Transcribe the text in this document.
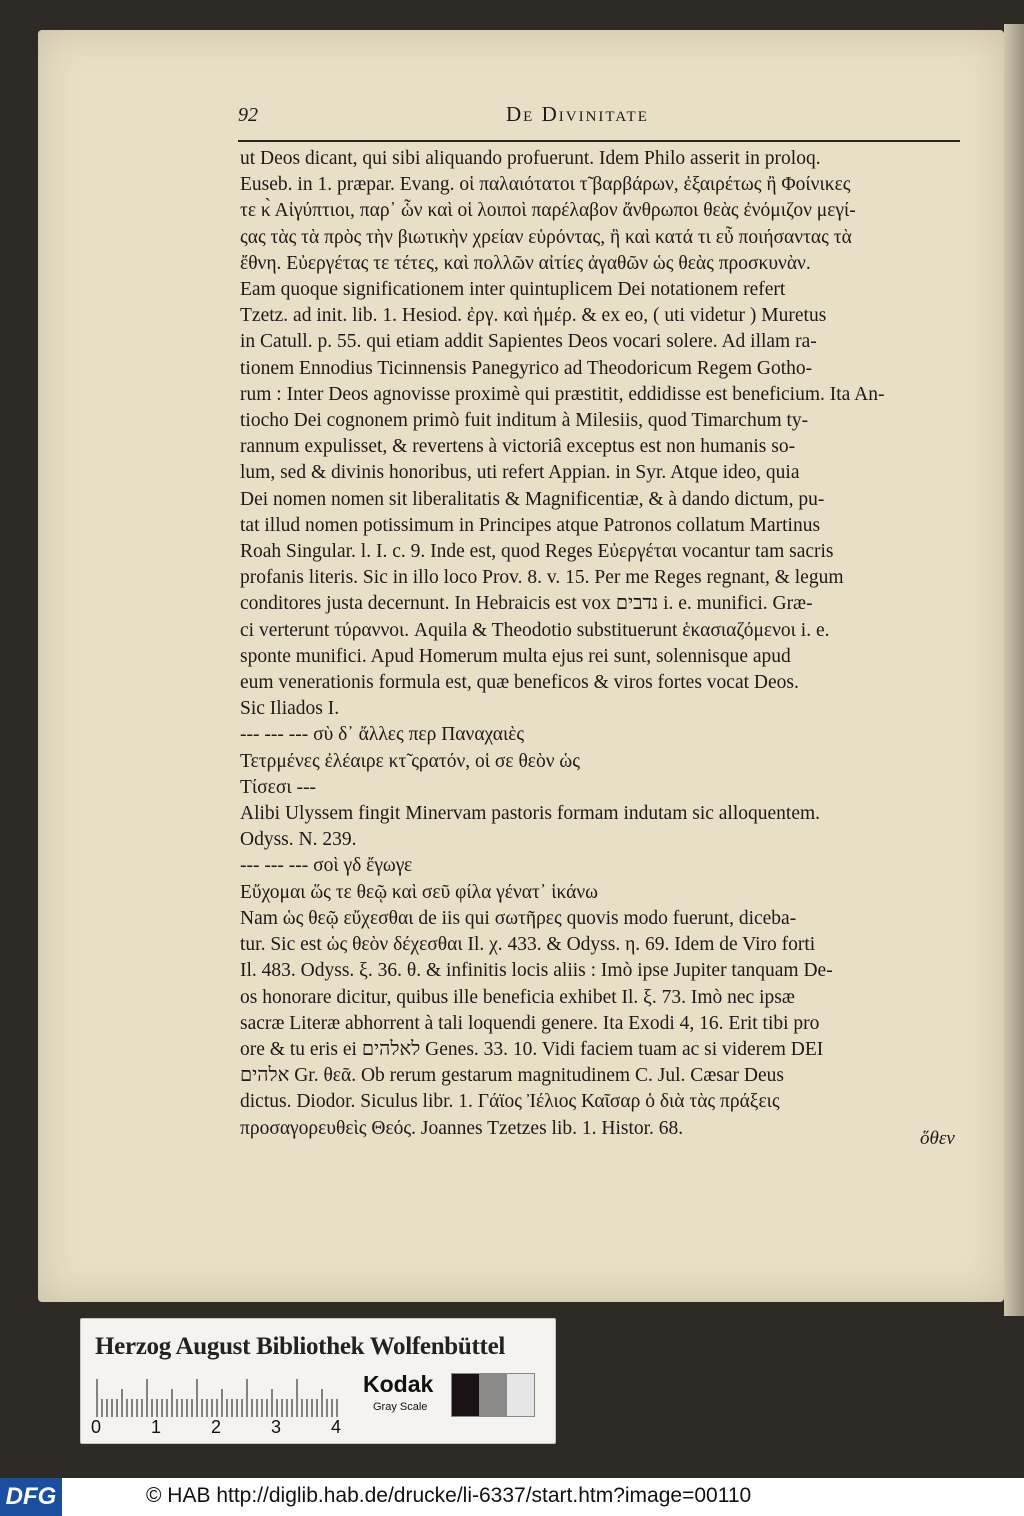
92	De Divinitate

ut Deos dicant, qui sibi aliquando profuerunt. Idem Philo asserit in proloq.

Euseb. in 1. præpar. Evang. οἱ παλαιότατοι τ̃ βαρβάρων, ἐξαιρέτως ἢ Φοίνικες

τε κ̀ Αἰγύπτιοι, παρ᾽ ὧν καὶ οἱ λοιποὶ παρέλαβον ἄνθρωποι θεὰς ἐνόμιζον μεγί-

ςας τὰς τὰ πρὸς τὴν βιωτικὴν χρείαν εὑρόντας, ἢ καὶ κατά τι εὖ ποιήσαντας τὰ

ἔθνη. Εὐεργέτας τε τέτες, καὶ πολλῶν αἰτίες ἀγαθῶν ὡς θεὰς προσκυνὰν.

Eam quoque significationem inter quintuplicem Dei notationem refert

Tzetz. ad init. lib. 1. Hesiod. ἐργ. καὶ ἡμέρ. & ex eo, ( uti videtur ) Muretus

in Catull. p. 55. qui etiam addit Sapientes Deos vocari solere. Ad illam ra-

tionem Ennodius Ticinnensis Panegyrico ad Theodoricum Regem Gotho-

rum : Inter Deos agnovisse proximè qui præstitit, eddidisse est beneficium. Ita An-

tiocho Dei cognonem primò fuit inditum à Milesiis, quod Timarchum ty-

rannum expulisset, & revertens à victoriâ exceptus est non humanis so-

lum, sed & divinis honoribus, uti refert Appian. in Syr. Atque ideo, quia

Dei nomen nomen sit liberalitatis & Magnificentiæ, & à dando dictum, pu-

tat illud nomen potissimum in Principes atque Patronos collatum Martinus

Roah Singular. l. I. c. 9. Inde est, quod Reges Εὐεργέται vocantur tam sacris

profanis literis. Sic in illo loco Prov. 8. v. 15. Per me Reges regnant, & legum

conditores justa decernunt. In Hebraicis est vox נדבים i. e. munifici. Græ-

ci verterunt τύραννοι. Aquila & Theodotio substituerunt ἑκασιαζόμενοι i. e.

sponte munifici. Apud Homerum multa ejus rei sunt, solennisque apud

eum venerationis formula est, quæ beneficos & viros fortes vocat Deos.

Sic Iliados I.

--- --- --- σὺ δ᾽ ἄλλες περ Παναχαιὲς

Τετρμένες ἐλέαιρε κτ̃ ςρατόν, οἱ σε θεὸν ὡς

Τίσεσι ---

Alibi Ulyssem fingit Minervam pastoris formam indutam sic alloquentem.

Odyss. N. 239.

--- --- --- σοὶ γδ ἔγωγε

Εὔχομαι ὥς τε θεῷ καὶ σεῦ φίλα γένατ᾽ ἱκάνω

Nam ὡς θεῷ εὔχεσθαι de iis qui σωτῆρες quovis modo fuerunt, diceba-

tur. Sic est ὡς θεὸν δέχεσθαι Il. χ. 433. & Odyss. η. 69. Idem de Viro forti

Il. 483. Odyss. ξ. 36. θ. & infinitis locis aliis : Imò ipse Jupiter tanquam De-

os honorare dicitur, quibus ille beneficia exhibet Il. ξ. 73. Imò nec ipsæ

sacræ Literæ abhorrent à tali loquendi genere. Ita Exodi 4, 16. Erit tibi pro

ore & tu eris ei לאלהים Genes. 33. 10. Vidi faciem tuam ac si viderem DEI

אלהים Gr. θεᾶ. Ob rerum gestarum magnitudinem C. Jul. Cæsar Deus

dictus. Diodor. Siculus libr. 1. Γάϊος Ἰέλιος Καῖσαρ ὁ διὰ τὰς πράξεις

προσαγορευθεὶς Θεός. Joannes Tzetzes lib. 1. Histor. 68.	ὅθεν
Herzog August Bibliothek Wolfenbüttel
0	1	2	3	4
Kodak
Gray Scale
DFG	© HAB http://diglib.hab.de/drucke/li-6337/start.htm?image=00110
